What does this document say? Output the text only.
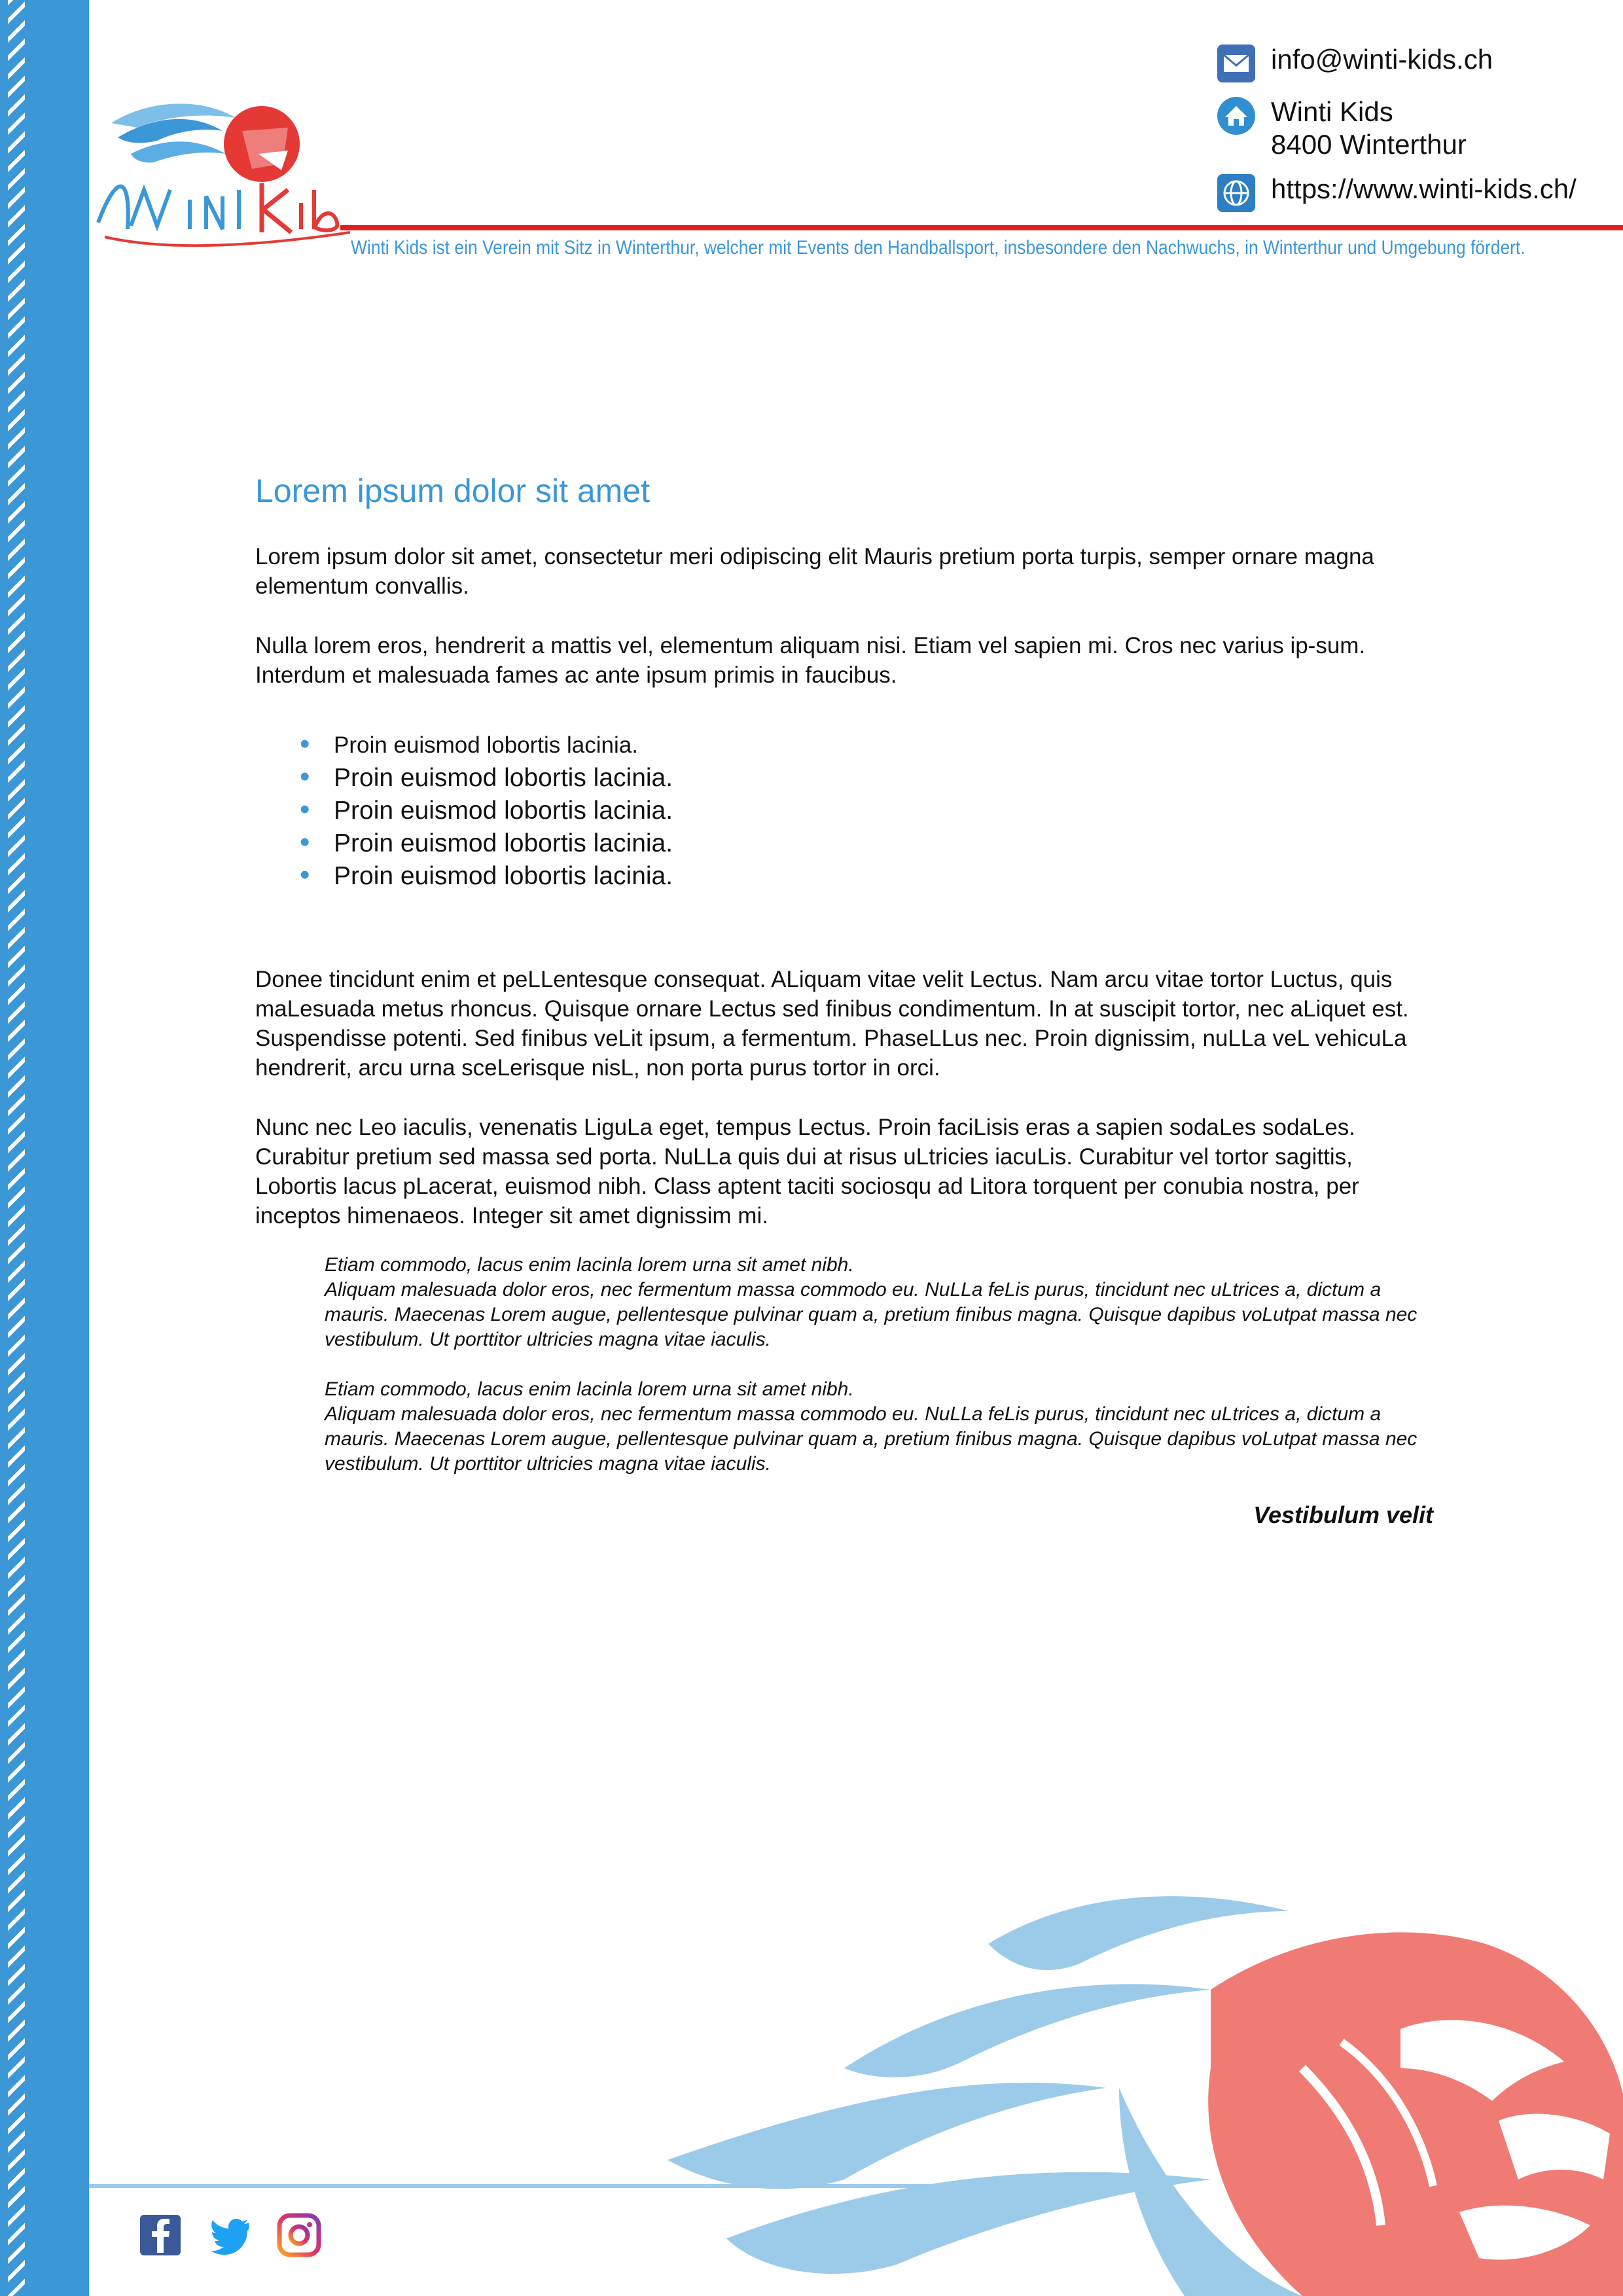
info@winti-kids.ch
Winti Kids
8400 Winterthur
https://www.winti-kids.ch/
Winti Kids ist ein Verein mit Sitz in Winterthur, welcher mit Events den Handballsport, insbesondere den Nachwuchs, in Winterthur und Umgebung fördert.
Lorem ipsum dolor sit amet

Lorem ipsum dolor sit amet, consectetur meri odipiscing elit Mauris pretium porta turpis, semper ornare magna elementum convallis.

Nulla lorem eros, hendrerit a mattis vel, elementum aliquam nisi. Etiam vel sapien mi. Cros nec varius ip-sum. Interdum et malesuada fames ac ante ipsum primis in faucibus.

• Proin euismod lobortis lacinia.
• Proin euismod lobortis lacinia.
• Proin euismod lobortis lacinia.
• Proin euismod lobortis lacinia.
• Proin euismod lobortis lacinia.

Donee tincidunt enim et peLLentesque consequat. ALiquam vitae velit Lectus. Nam arcu vitae tortor Luctus, quis maLesuada metus rhoncus. Quisque ornare Lectus sed finibus condimentum. In at suscipit tortor, nec aLiquet est. Suspendisse potenti. Sed finibus veLit ipsum, a fermentum. PhaseLLus nec. Proin dignissim, nuLLa veL vehicuLa hendrerit, arcu urna sceLerisque nisL, non porta purus tortor in orci.

Nunc nec Leo iaculis, venenatis LiguLa eget, tempus Lectus. Proin faciLisis eras a sapien sodaLes sodaLes. Curabitur pretium sed massa sed porta. NuLLa quis dui at risus uLtricies iacuLis. Curabitur vel tortor sagittis, Lobortis lacus pLacerat, euismod nibh. Class aptent taciti sociosqu ad Litora torquent per conubia nostra, per inceptos himenaeos. Integer sit amet dignissim mi.

Etiam commodo, lacus enim lacinla lorem urna sit amet nibh.
Aliquam malesuada dolor eros, nec fermentum massa commodo eu. NuLLa feLis purus, tincidunt nec uLtrices a, dictum a mauris. Maecenas Lorem augue, pellentesque pulvinar quam a, pretium finibus magna. Quisque dapibus voLutpat massa nec vestibulum. Ut porttitor ultricies magna vitae iaculis.
Etiam commodo, lacus enim lacinla lorem urna sit amet nibh.
Aliquam malesuada dolor eros, nec fermentum massa commodo eu. NuLLa feLis purus, tincidunt nec uLtrices a, dictum a mauris. Maecenas Lorem augue, pellentesque pulvinar quam a, pretium finibus magna. Quisque dapibus voLutpat massa nec vestibulum. Ut porttitor ultricies magna vitae iaculis.
Vestibulum velit
